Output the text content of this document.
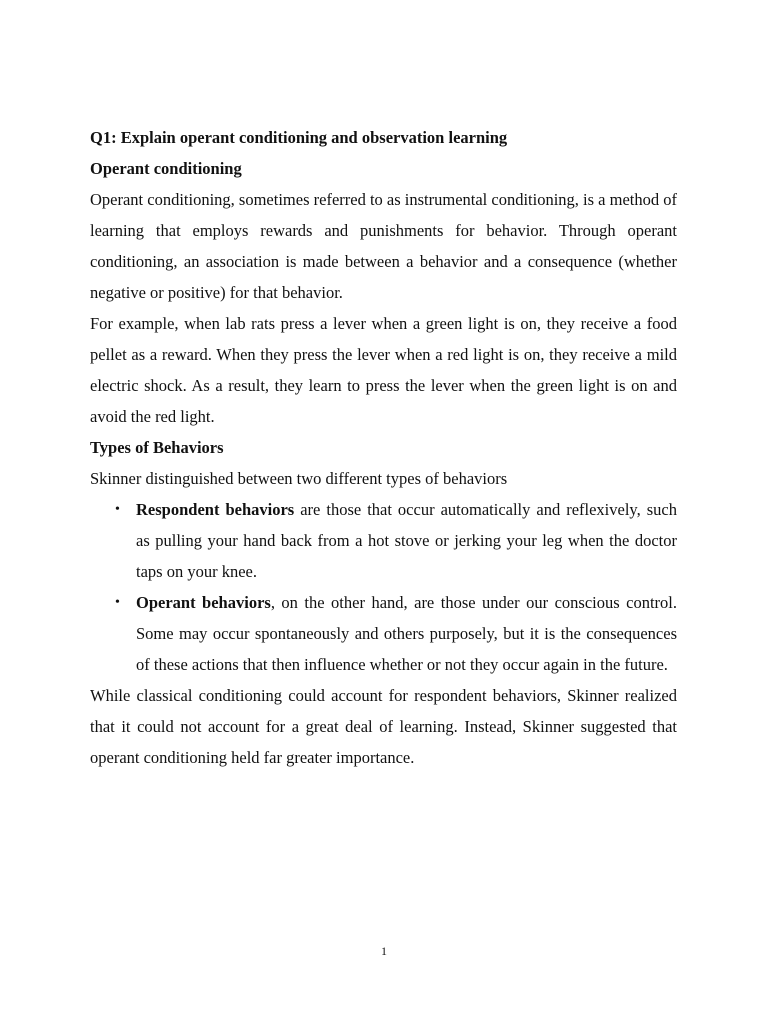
Q1: Explain operant conditioning and observation learning

Operant conditioning

Operant conditioning, sometimes referred to as instrumental conditioning, is a method of learning that employs rewards and punishments for behavior. Through operant conditioning, an association is made between a behavior and a consequence (whether negative or positive) for that behavior.

For example, when lab rats press a lever when a green light is on, they receive a food pellet as a reward. When they press the lever when a red light is on, they receive a mild electric shock. As a result, they learn to press the lever when the green light is on and avoid the red light.

Types of Behaviors

Skinner distinguished between two different types of behaviors

• Respondent behaviors are those that occur automatically and reflexively, such as pulling your hand back from a hot stove or jerking your leg when the doctor taps on your knee.
• Operant behaviors, on the other hand, are those under our conscious control. Some may occur spontaneously and others purposely, but it is the consequences of these actions that then influence whether or not they occur again in the future.

While classical conditioning could account for respondent behaviors, Skinner realized that it could not account for a great deal of learning. Instead, Skinner suggested that operant conditioning held far greater importance.

1
